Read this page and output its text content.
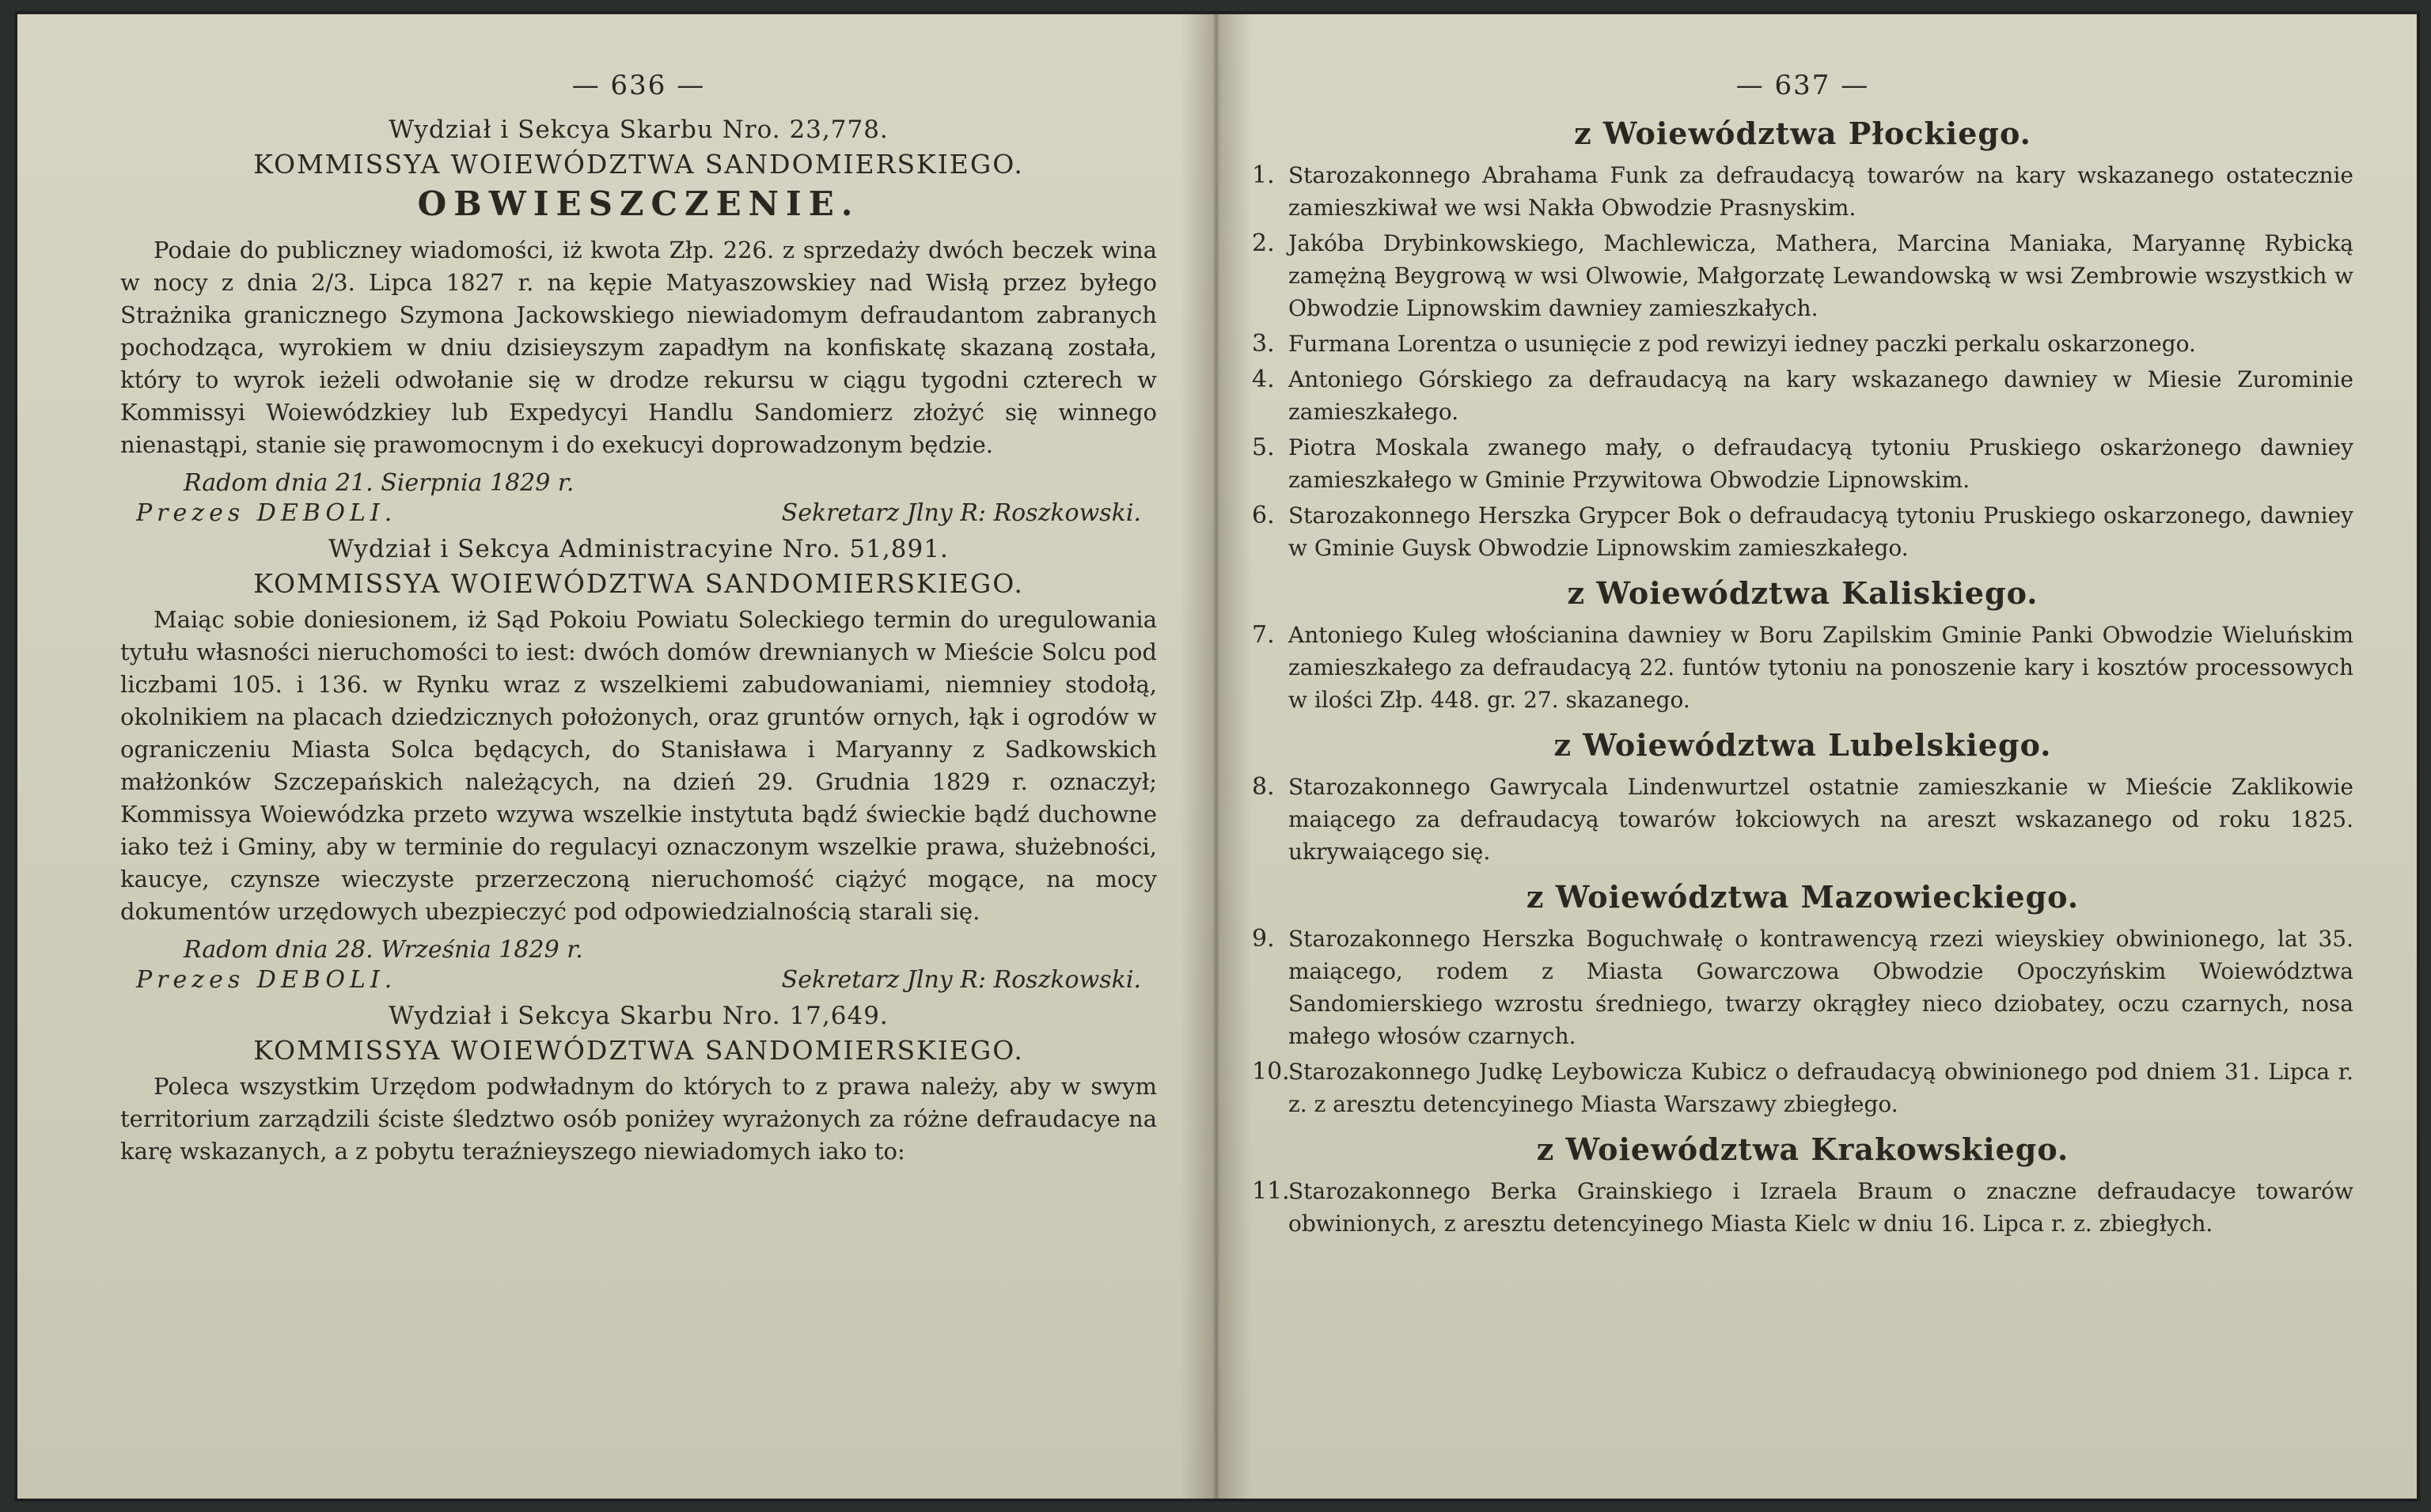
— 636 —
Wydział i Sekcya Skarbu Nro. 23,778.
KOMMISSYA WOIEWÓDZTWA SANDOMIERSKIEGO.
OBWIESZCZENIE.

Podaie do publiczney wiadomości, iż kwota Złp. 226. z sprzedaży dwóch beczek wina w nocy z dnia 2/3. Lipca 1827 r. na kępie Matyaszowskiey nad Wisłą przez byłego Strażnika granicznego Szymona Jackowskiego niewiadomym defraudantom zabranych pochodząca, wyrokiem w dniu dzisieyszym zapadłym na konfiskatę skazaną została, który to wyrok ieżeli odwołanie się w drodze rekursu w ciągu tygodni czterech w Kommissyi Woiewódzkiey lub Expedycyi Handlu Sandomierz złożyć się winnego nienastąpi, stanie się prawomocnym i do exekucyi doprowadzonym będzie.

Radom dnia 21. Sierpnia 1829 r.
Prezes DEBOLI.	Sekretarz Jlny R: Roszkowski.
Wydział i Sekcya Administracyine Nro. 51,891.
KOMMISSYA WOIEWÓDZTWA SANDOMIERSKIEGO.

Maiąc sobie doniesionem, iż Sąd Pokoiu Powiatu Soleckiego termin do uregulowania tytułu własności nieruchomości to iest: dwóch domów drewnianych w Mieście Solcu pod liczbami 105. i 136. w Rynku wraz z wszelkiemi zabudowaniami, niemniey stodołą, okolnikiem na placach dziedzicznych położonych, oraz gruntów ornych, łąk i ogrodów w ograniczeniu Miasta Solca będących, do Stanisława i Maryanny z Sadkowskich małżonków Szczepańskich należących, na dzień 29. Grudnia 1829 r. oznaczył; Kommissya Woiewódzka przeto wzywa wszelkie instytuta bądź świeckie bądź duchowne iako też i Gminy, aby w terminie do regulacyi oznaczonym wszelkie prawa, służebności, kaucye, czynsze wieczyste przerzeczoną nieruchomość ciążyć mogące, na mocy dokumentów urzędowych ubezpieczyć pod odpowiedzialnością starali się.

Radom dnia 28. Września 1829 r.
Prezes DEBOLI.	Sekretarz Jlny R: Roszkowski.
Wydział i Sekcya Skarbu Nro. 17,649.
KOMMISSYA WOIEWÓDZTWA SANDOMIERSKIEGO.

Poleca wszystkim Urzędom podwładnym do których to z prawa należy, aby w swym territorium zarządzili ściste śledztwo osób poniżey wyrażonych za różne defraudacye na karę wskazanych, a z pobytu teraźnieyszego niewiadomych iako to:

— 637 —
z Woiewództwa Płockiego.
1. Starozakonnego Abrahama Funk za defraudacyą towarów na kary wskazanego ostatecznie zamieszkiwał we wsi Nakła Obwodzie Prasnyskim.
2. Jakóba Drybinkowskiego, Machlewicza, Mathera, Marcina Maniaka, Maryannę Rybicką zamężną Beygrową w wsi Olwowie, Małgorzatę Lewandowską w wsi Zembrowie wszystkich w Obwodzie Lipnowskim dawniey zamieszkałych.
3. Furmana Lorentza o usunięcie z pod rewizyi iedney paczki perkalu oskarzonego.
4. Antoniego Górskiego za defraudacyą na kary wskazanego dawniey w Miesie Zurominie zamieszkałego.
5. Piotra Moskala zwanego mały, o defraudacyą tytoniu Pruskiego oskarżonego dawniey zamieszkałego w Gminie Przywitowa Obwodzie Lipnowskim.
6. Starozakonnego Herszka Grypcer Bok o defraudacyą tytoniu Pruskiego oskarzonego, dawniey w Gminie Guysk Obwodzie Lipnowskim zamieszkałego.
z Woiewództwa Kaliskiego.
7. Antoniego Kuleg włościanina dawniey w Boru Zapilskim Gminie Panki Obwodzie Wieluńskim zamieszkałego za defraudacyą 22. funtów tytoniu na ponoszenie kary i kosztów processowych w ilości Złp. 448. gr. 27. skazanego.
z Woiewództwa Lubelskiego.
8. Starozakonnego Gawrycala Lindenwurtzel ostatnie zamieszkanie w Mieście Zaklikowie maiącego za defraudacyą towarów łokciowych na areszt wskazanego od roku 1825. ukrywaiącego się.
z Woiewództwa Mazowieckiego.
9. Starozakonnego Herszka Boguchwałę o kontrawencyą rzezi wieyskiey obwinionego, lat 35. maiącego, rodem z Miasta Gowarczowa Obwodzie Opoczyńskim Woiewództwa Sandomierskiego wzrostu średniego, twarzy okrągłey nieco dziobatey, oczu czarnych, nosa małego włosów czarnych.
10.
Starozakonnego Judkę Leybowicza Kubicz o defraudacyą obwinionego pod dniem 31. Lipca r. z. z aresztu detencyinego Miasta Warszawy zbiegłego.
z Woiewództwa Krakowskiego.
11.
Starozakonnego Berka Grainskiego i Izraela Braum o znaczne defraudacye towarów obwinionych, z aresztu detencyinego Miasta Kielc w dniu 16. Lipca r. z. zbiegłych.
